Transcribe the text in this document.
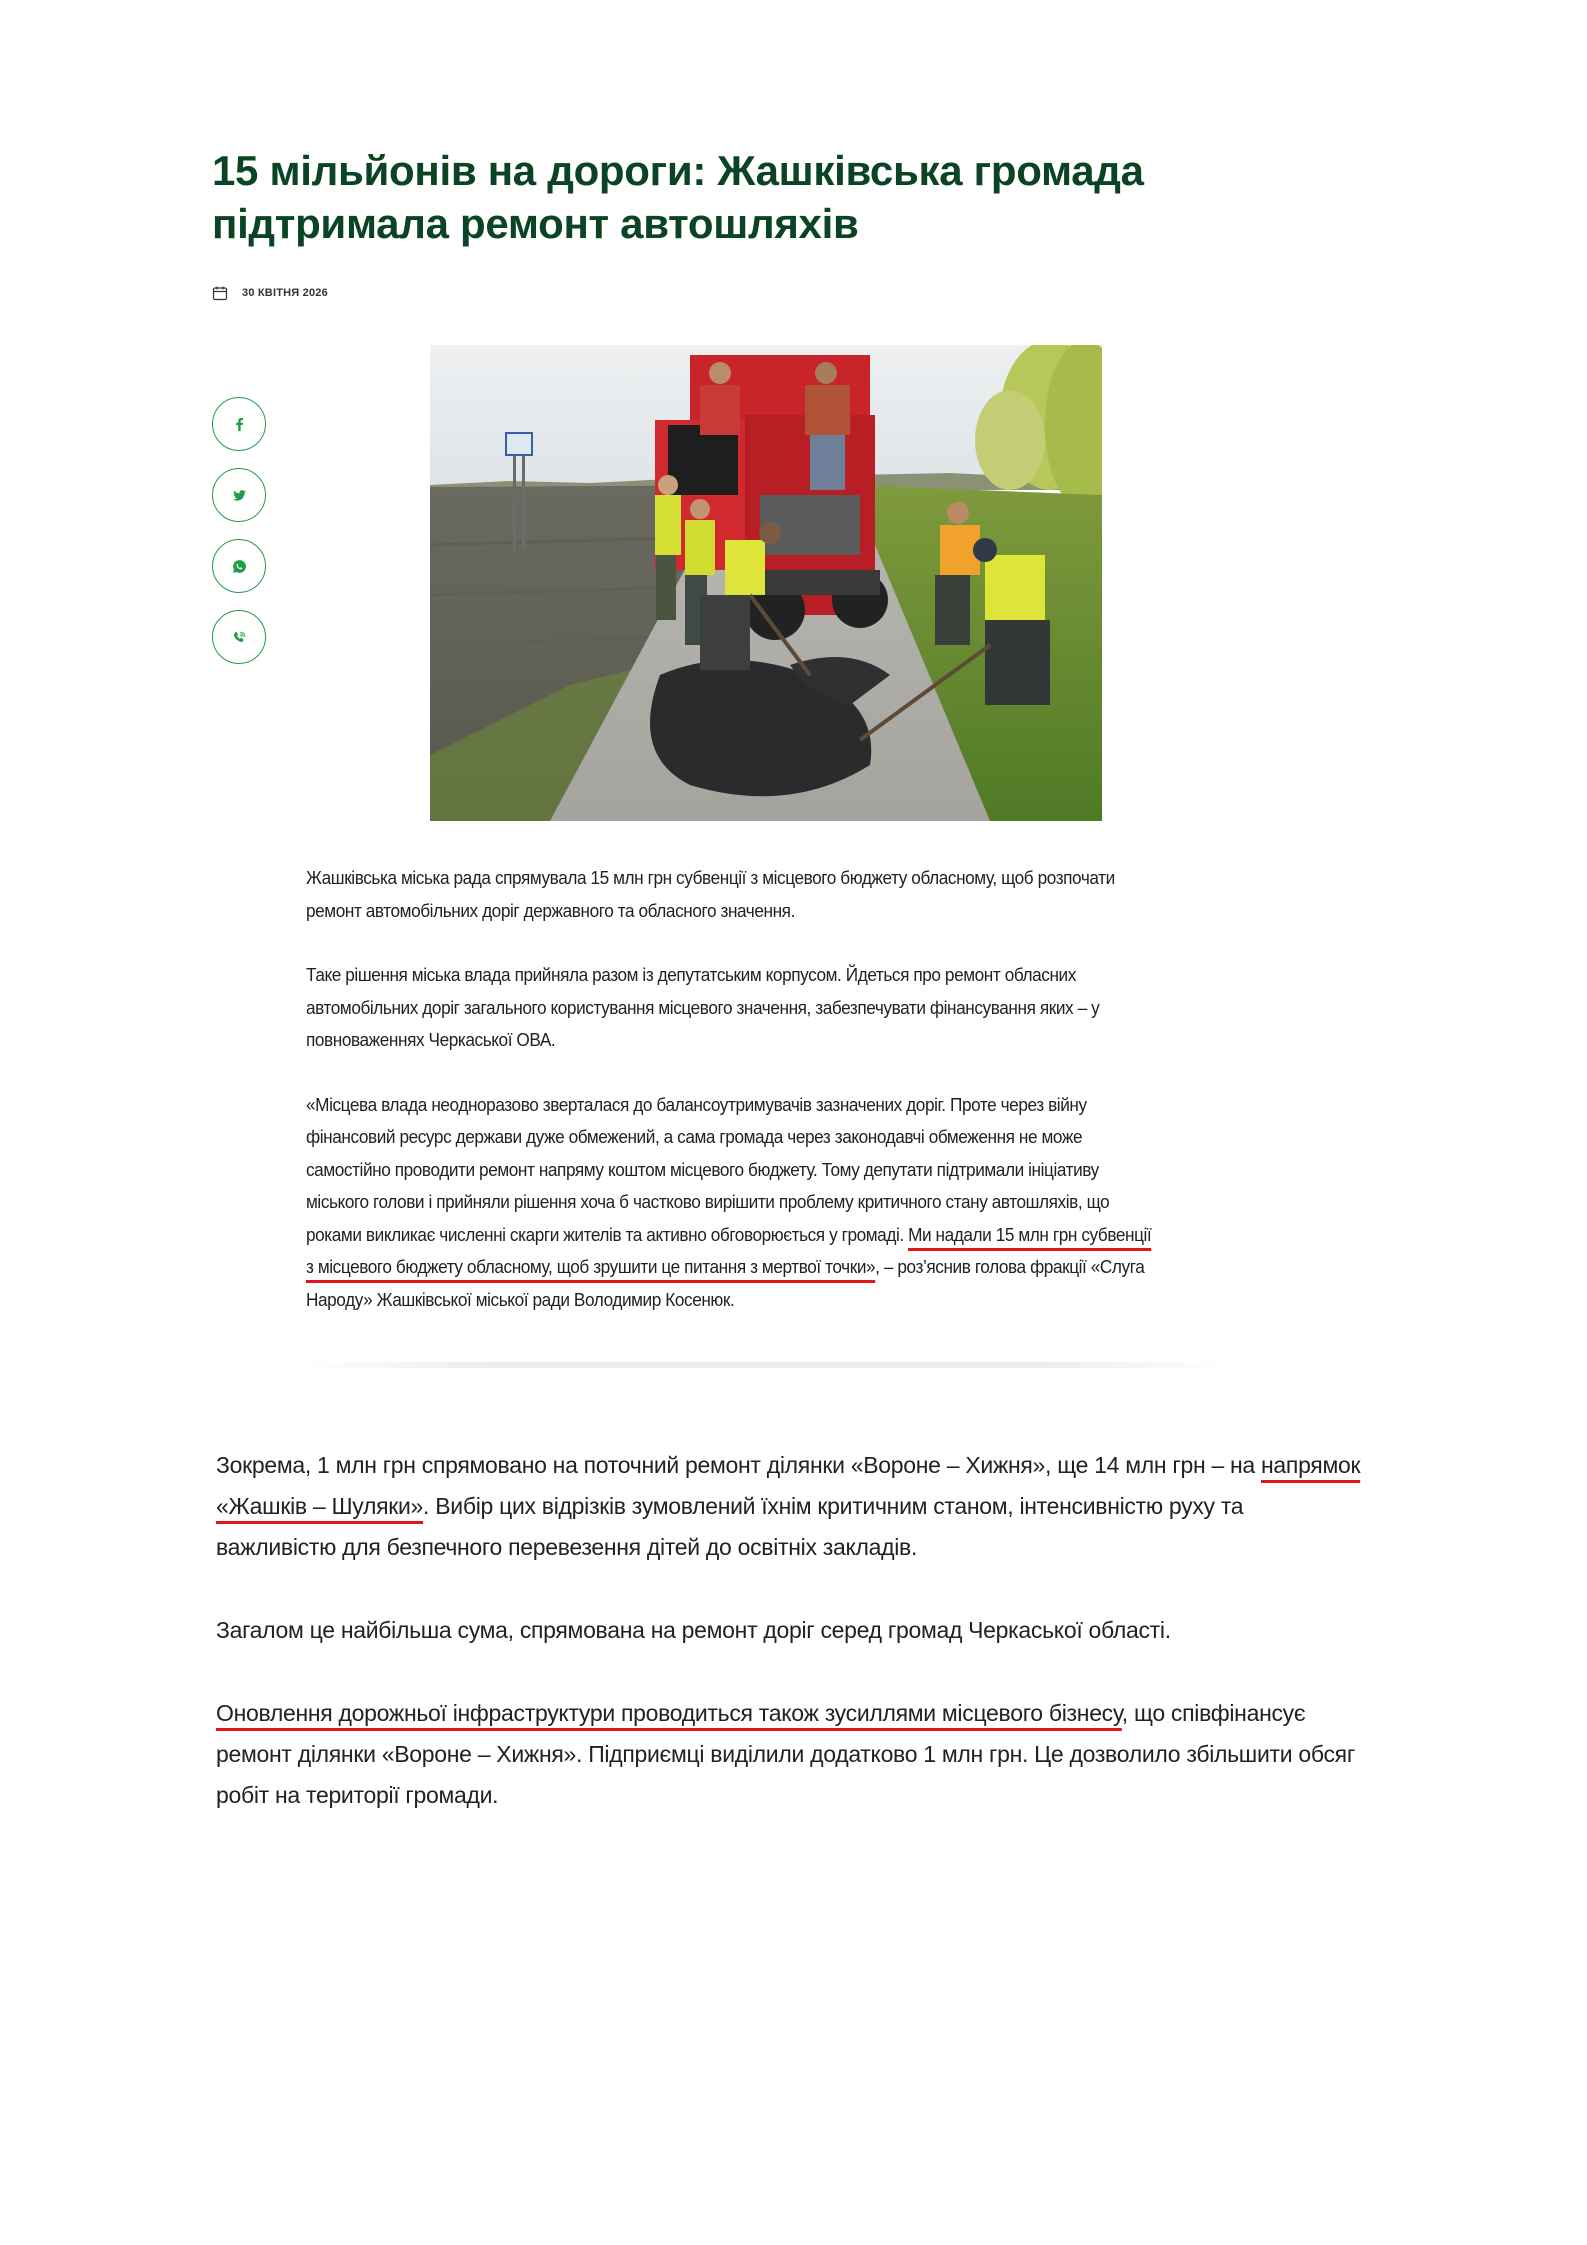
15 мільйонів на дороги: Жашківська громада
підтримала ремонт автошляхів
30 КВІТНЯ 2026

Жашківська міська рада спрямувала 15 млн грн субвенції з місцевого бюджету обласному, щоб розпочати ремонт автомобільних доріг державного та обласного значення.

Таке рішення міська влада прийняла разом із депутатським корпусом. Йдеться про ремонт обласних автомобільних доріг загального користування місцевого значення, забезпечувати фінансування яких – у повноваженнях Черкаської ОВА.

«Місцева влада неодноразово зверталася до балансоутримувачів зазначених доріг. Проте через війну фінансовий ресурс держави дуже обмежений, а сама громада через законодавчі обмеження не може самостійно проводити ремонт напряму коштом місцевого бюджету. Тому депутати підтримали ініціативу міського голови і прийняли рішення хоча б частково вирішити проблему критичного стану автошляхів, що роками викликає численні скарги жителів та активно обговорюється у громаді. Ми надали 15 млн грн субвенції з місцевого бюджету обласному, щоб зрушити це питання з мертвої точки», – роз’яснив голова фракції «Слуга Народу» Жашківської міської ради Володимир Косенюк.

Зокрема, 1 млн грн спрямовано на поточний ремонт ділянки «Вороне – Хижня», ще 14 млн грн – на напрямок «Жашків – Шуляки». Вибір цих відрізків зумовлений їхнім критичним станом, інтенсивністю руху та важливістю для безпечного перевезення дітей до освітніх закладів.

Загалом це найбільша сума, спрямована на ремонт доріг серед громад Черкаської області.

Оновлення дорожньої інфраструктури проводиться також зусиллями місцевого бізнесу, що співфінансує ремонт ділянки «Вороне – Хижня». Підприємці виділили додатково 1 млн грн. Це дозволило збільшити обсяг робіт на території громади.
